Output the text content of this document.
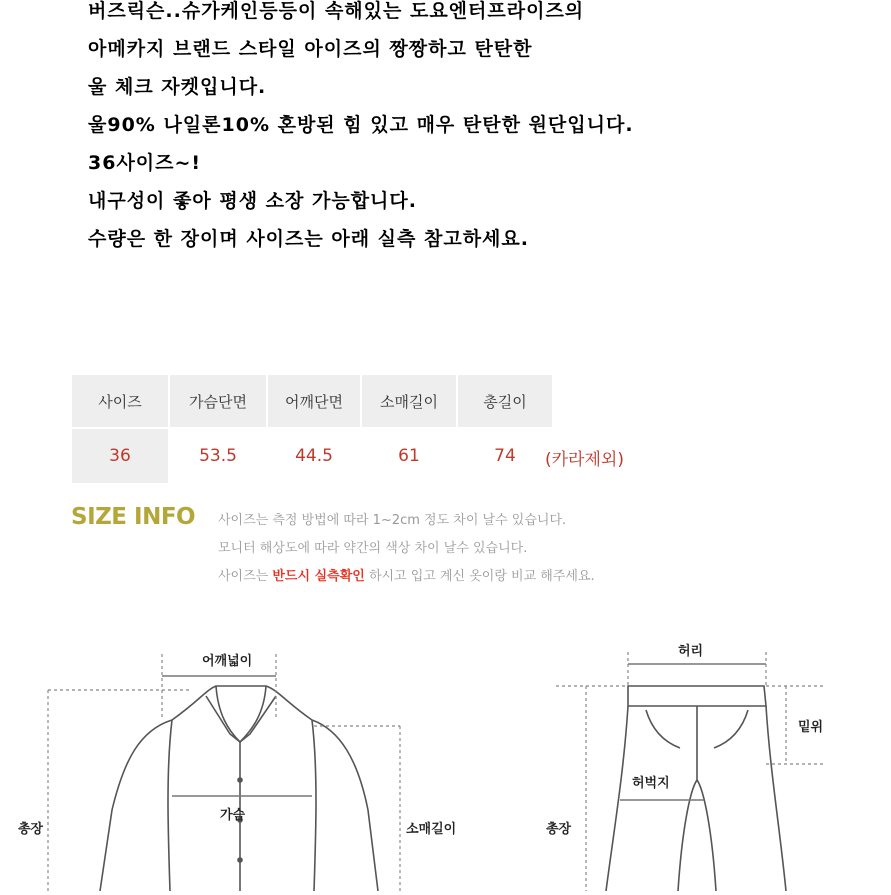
버즈릭슨..슈가케인등등이 속해있는 도요엔터프라이즈의
아메카지 브랜드 스타일 아이즈의 짱짱하고 탄탄한
울 체크 자켓입니다.
울90% 나일론10% 혼방된 힘 있고 매우 탄탄한 원단입니다.
36사이즈~!
내구성이 좋아 평생 소장 가능합니다.
수량은 한 장이며 사이즈는 아래 실측 참고하세요.
사이즈	가슴단면	어깨단면	소매길이	총길이
36	53.5	44.5	61	74 (카라제외)
SIZE INFO 사이즈는 측정 방법에 따라 1~2cm 정도 차이 날수 있습니다.
모니터 해상도에 따라 약간의 색상 차이 날수 있습니다.
사이즈는 반드시 실측확인 하시고 입고 계신 옷이랑 비교 해주세요.
어깨넓이
가슴
총장	소매길이
허리
밑위
허벅지
총장
